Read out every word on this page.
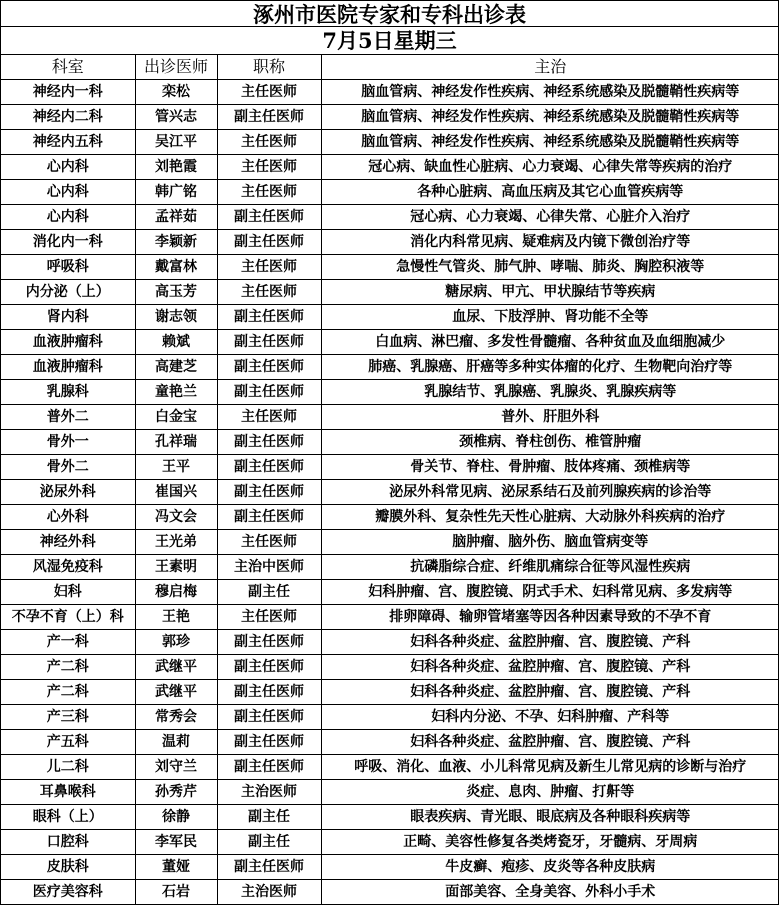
涿州市医院专家和专科出诊表
7月5日星期三
科室	出诊医师	职称	主治
神经内一科	栾松	主任医师	脑血管病、神经发作性疾病、神经系统感染及脱髓鞘性疾病等
神经内二科	管兴志	副主任医师	脑血管病、神经发作性疾病、神经系统感染及脱髓鞘性疾病等
神经内五科	吴江平	主任医师	脑血管病、神经发作性疾病、神经系统感染及脱髓鞘性疾病等
心内科	刘艳霞	主任医师	冠心病、缺血性心脏病、心力衰竭、心律失常等疾病的治疗
心内科	韩广铭	主任医师	各种心脏病、高血压病及其它心血管疾病等
心内科	孟祥茹	副主任医师	冠心病、心力衰竭、心律失常、心脏介入治疗
消化内一科	李颖新	副主任医师	消化内科常见病、疑难病及内镜下微创治疗等
呼吸科	戴富林	主任医师	急慢性气管炎、肺气肿、哮喘、肺炎、胸腔积液等
内分泌（上）	高玉芳	主任医师	糖尿病、甲亢、甲状腺结节等疾病
肾内科	谢志领	副主任医师	血尿、下肢浮肿、肾功能不全等
血液肿瘤科	赖斌	副主任医师	白血病、淋巴瘤、多发性骨髓瘤、各种贫血及血细胞减少
血液肿瘤科	高建芝	副主任医师	肺癌、乳腺癌、肝癌等多种实体瘤的化疗、生物靶向治疗等
乳腺科	童艳兰	副主任医师	乳腺结节、乳腺癌、乳腺炎、乳腺疾病等
普外二	白金宝	主任医师	普外、肝胆外科
骨外一	孔祥瑞	副主任医师	颈椎病、脊柱创伤、椎管肿瘤
骨外二	王平	副主任医师	骨关节、脊柱、骨肿瘤、肢体疼痛、颈椎病等
泌尿外科	崔国兴	副主任医师	泌尿外科常见病、泌尿系结石及前列腺疾病的诊治等
心外科	冯文会	副主任医师	瓣膜外科、复杂性先天性心脏病、大动脉外科疾病的治疗
神经外科	王光弟	主任医师	脑肿瘤、脑外伤、脑血管病变等
风湿免疫科	王素明	主治中医师	抗磷脂综合症、纤维肌痛综合征等风湿性疾病
妇科	穆启梅	副主任	妇科肿瘤、宫、腹腔镜、阴式手术、妇科常见病、多发病等
不孕不育（上）科	王艳	主任医师	排卵障碍、输卵管堵塞等因各种因素导致的不孕不育
产一科	郭珍	副主任医师	妇科各种炎症、盆腔肿瘤、宫、腹腔镜、产科
产二科	武继平	副主任医师	妇科各种炎症、盆腔肿瘤、宫、腹腔镜、产科
产二科	武继平	副主任医师	妇科各种炎症、盆腔肿瘤、宫、腹腔镜、产科
产三科	常秀会	副主任医师	妇科内分泌、不孕、妇科肿瘤、产科等
产五科	温莉	副主任医师	妇科各种炎症、盆腔肿瘤、宫、腹腔镜、产科
儿二科	刘守兰	副主任医师	呼吸、消化、血液、小儿科常见病及新生儿常见病的诊断与治疗
耳鼻喉科	孙秀芹	主治医师	炎症、息肉、肿瘤、打鼾等
眼科（上）	徐静	副主任	眼表疾病、青光眼、眼底病及各种眼科疾病等
口腔科	李军民	副主任	正畸、美容性修复各类烤瓷牙，牙髓病、牙周病
皮肤科	董娅	副主任医师	牛皮癣、疱疹、皮炎等各种皮肤病
医疗美容科	石岩	主治医师	面部美容、全身美容、外科小手术
